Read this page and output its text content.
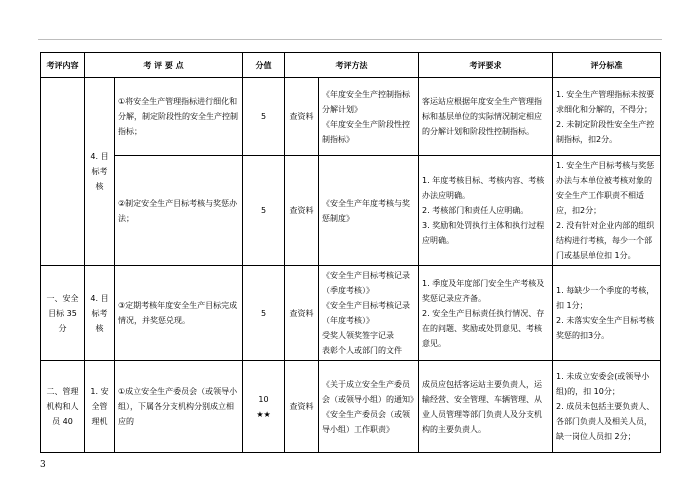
考评内容	考 评 要 点		分值	考评方法		考评要求	评分标准
	4. 目标考核	①将安全生产管理指标进行细化和分解，制定阶段性的安全生产控制指标；	5	查资料	《年度安全生产控制指标分解计划》
《年度安全生产阶段性控制指标》	客运站应根据年度安全生产管理指标和基层单位的实际情况制定相应的分解计划和阶段性控制指标。	1. 安全生产管理指标未按要求细化和分解的，不得分；
2. 未制定阶段性安全生产控制指标，扣2分。

		②制定安全生产目标考核与奖惩办法；	5	查资料	《安全生产年度考核与奖惩制度》	1. 年度考核目标、考核内容、考核办法应明确。
2. 考核部门和责任人应明确。
3. 奖励和处罚执行主体和执行过程应明确。	1. 安全生产目标考核与奖惩办法与本单位被考核对象的安全生产工作职责不相适应，扣2分；
2. 没有针对企业内部的组织结构进行考核，每少一个部门或基层单位扣 1分。

一、安全目标 35 分	4. 目标考核	③定期考核年度安全生产目标完成情况，并奖惩兑现。	5	查资料	《安全生产目标考核记录（季度考核）》
《安全生产目标考核记录（年度考核）》
受奖人领奖签字记录
表彰个人或部门的文件	1. 季度及年度部门安全生产考核及奖惩记录应齐备。
2. 安全生产目标责任执行情况、存在的问题、奖励或处罚意见、考核意见。	1. 每缺少一个季度的考核，扣 1分；
2. 未落实安全生产目标考核奖惩的扣3分。

二、管理机构和人员 40	1. 安全管理机	①成立安全生产委员会（或领导小组），下属各分支机构分别成立相应的	10
★★	查资料	《关于成立安全生产委员会（或领导小组）的通知》
《安全生产委员会（或领导小组）工作职责》	成员应包括客运站主要负责人，运输经营、安全管理、车辆管理、从业人员管理等部门负责人及分支机构的主要负责人。	1. 未成立安委会(或领导小组)的，扣 10分；
2. 成员未包括主要负责人、各部门负责人及相关人员，缺一岗位人员扣 2分；
3
